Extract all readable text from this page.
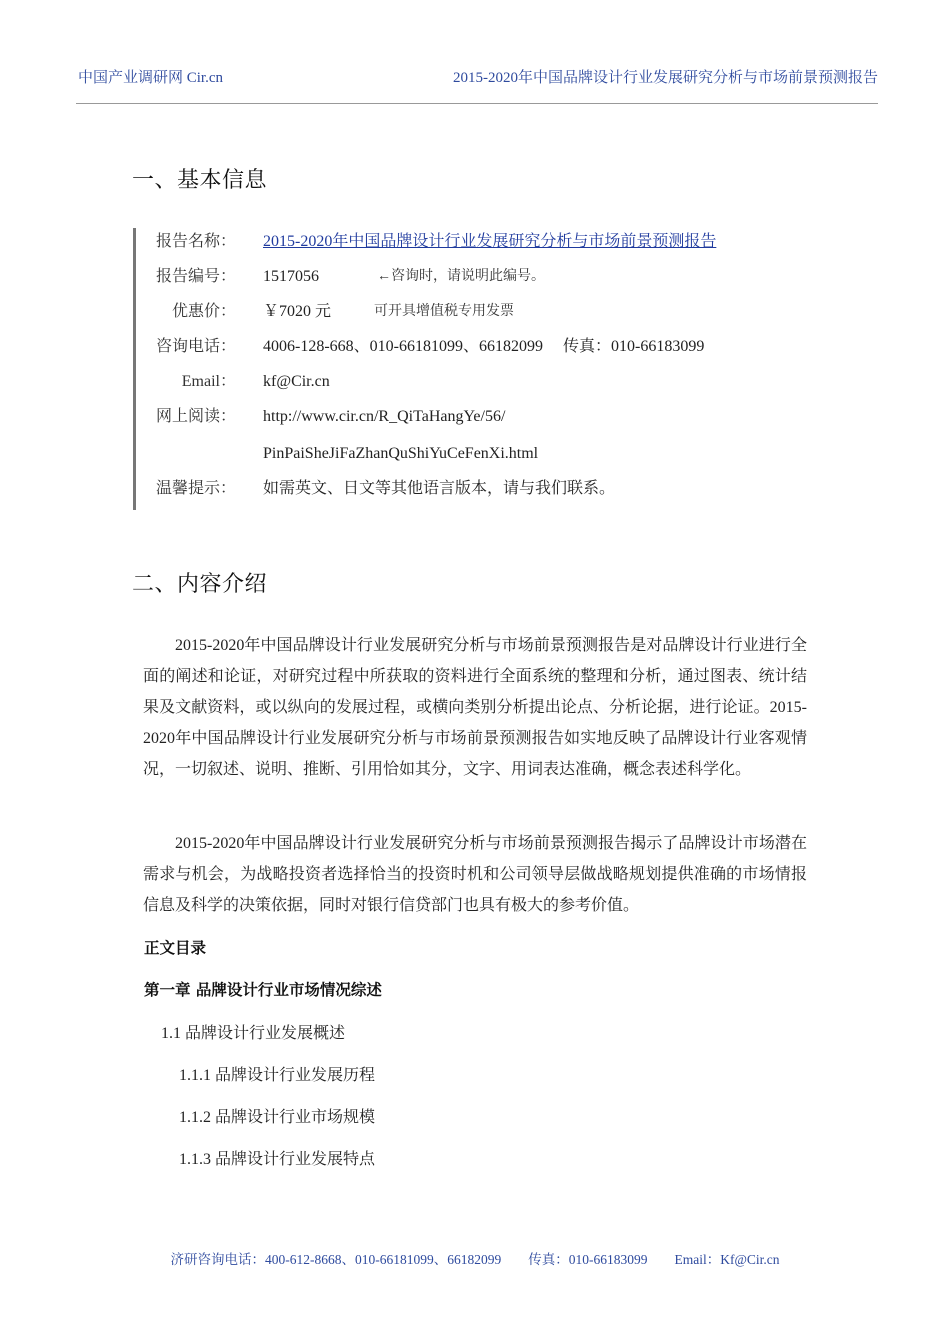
中国产业调研网 Cir.cn	2015-2020年中国品牌设计行业发展研究分析与市场前景预测报告
一、基本信息
报告名称： 2015-2020年中国品牌设计行业发展研究分析与市场前景预测报告
报告编号： 1517056	←咨询时，请说明此编号。
优惠价： ￥7020 元	可开具增值税专用发票
咨询电话： 4006-128-668、010-66181099、66182099　 传真：010-66183099
Email： kf@Cir.cn
网上阅读： http://www.cir.cn/R_QiTaHangYe/56/
PinPaiSheJiFaZhanQuShiYuCeFenXi.html
温馨提示： 如需英文、日文等其他语言版本，请与我们联系。
二、内容介绍

2015-2020年中国品牌设计行业发展研究分析与市场前景预测报告是对品牌设计行业进行全面的阐述和论证，对研究过程中所获取的资料进行全面系统的整理和分析，通过图表、统计结果及文献资料，或以纵向的发展过程，或横向类别分析提出论点、分析论据，进行论证。2015-2020年中国品牌设计行业发展研究分析与市场前景预测报告如实地反映了品牌设计行业客观情况，一切叙述、说明、推断、引用恰如其分，文字、用词表达准确，概念表述科学化。

2015-2020年中国品牌设计行业发展研究分析与市场前景预测报告揭示了品牌设计市场潜在需求与机会，为战略投资者选择恰当的投资时机和公司领导层做战略规划提供准确的市场情报信息及科学的决策依据，同时对银行信贷部门也具有极大的参考价值。

正文目录
第一章 品牌设计行业市场情况综述
1.1 品牌设计行业发展概述
1.1.1 品牌设计行业发展历程
1.1.2 品牌设计行业市场规模
1.1.3 品牌设计行业发展特点
济研咨询电话：400-612-8668、010-66181099、66182099　　传真：010-66183099　　Email：Kf@Cir.cn
